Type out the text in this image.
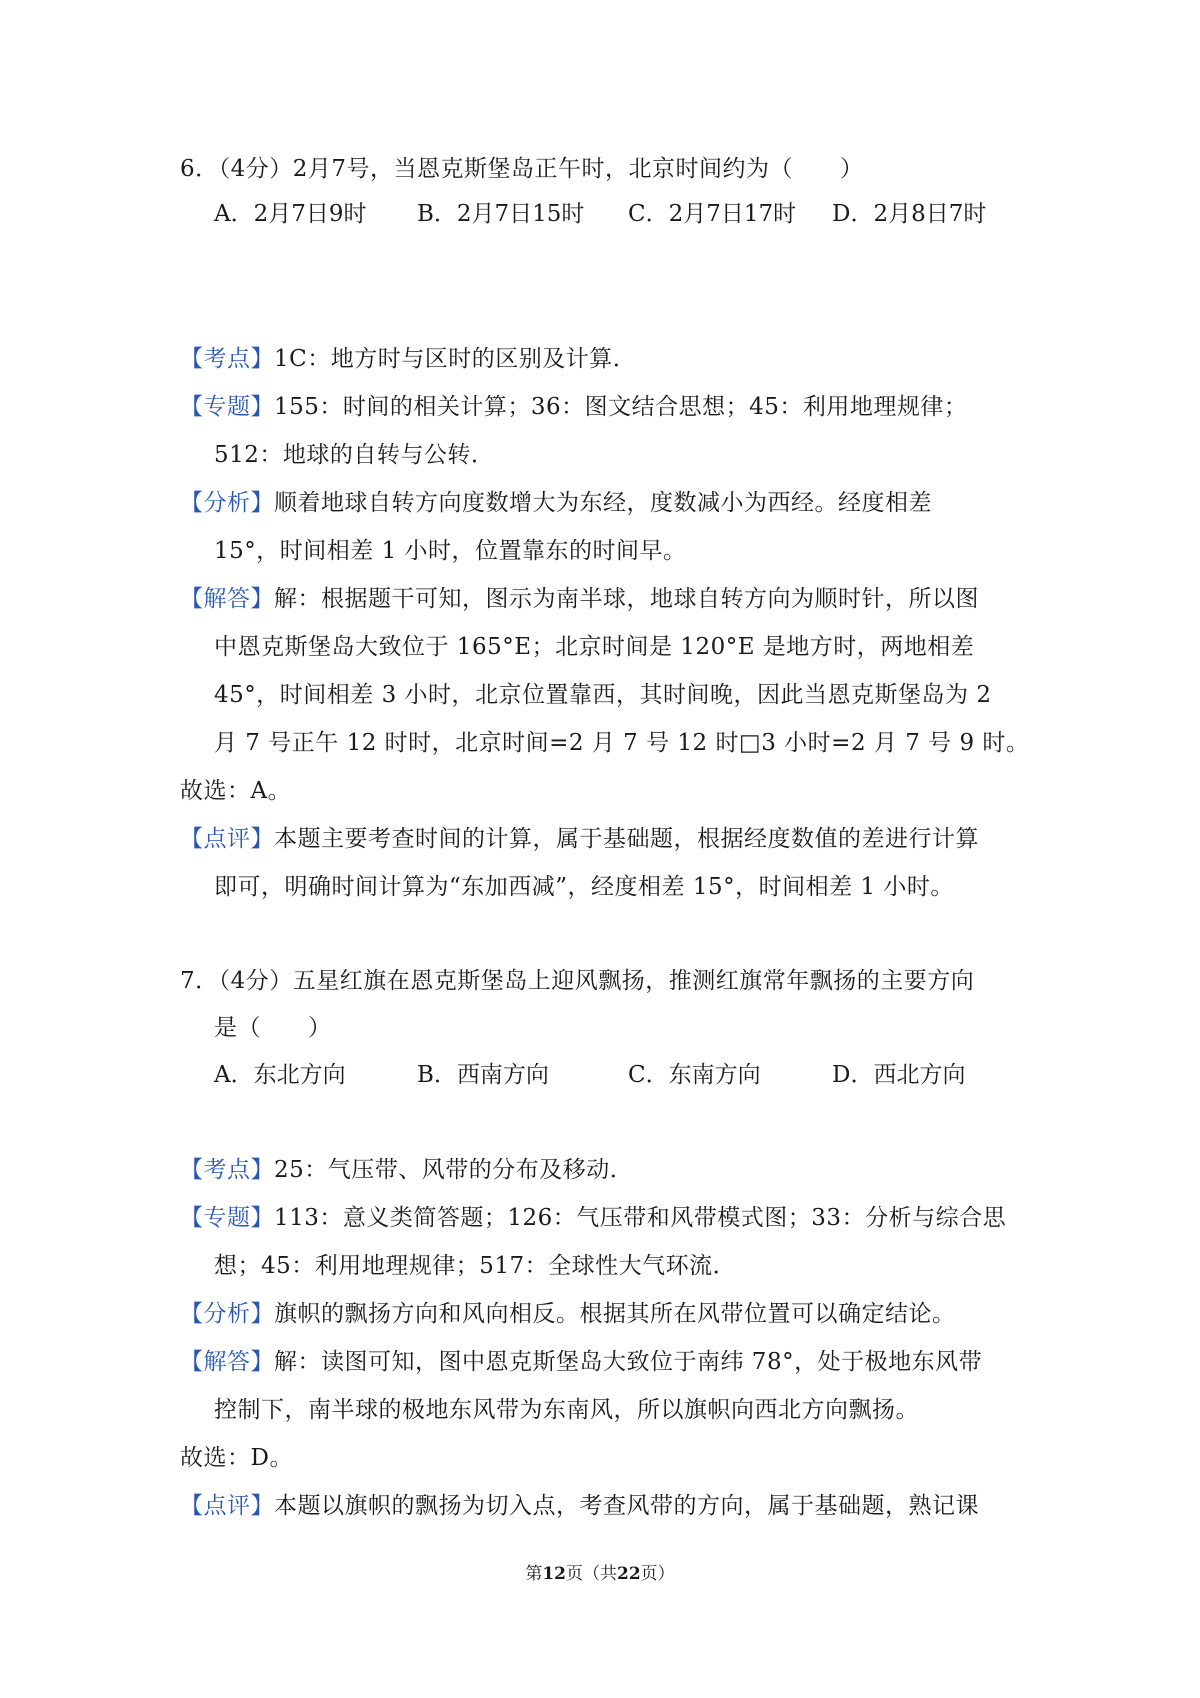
6．（4分）2月7号，当恩克斯堡岛正午时，北京时间约为（　　）
A．2月7日9时 B．2月7日15时 C．2月7日17时 D．2月8日7时
【考点】1C：地方时与区时的区别及计算．
【专题】155：时间的相关计算；36：图文结合思想；45：利用地理规律；
512：地球的自转与公转．
【分析】顺着地球自转方向度数增大为东经，度数减小为西经。经度相差
15°，时间相差 1 小时，位置靠东的时间早。
【解答】解：根据题干可知，图示为南半球，地球自转方向为顺时针，所以图
中恩克斯堡岛大致位于 165°E；北京时间是 120°E 是地方时，两地相差
45°，时间相差 3 小时，北京位置靠西，其时间晚，因此当恩克斯堡岛为 2
月 7 号正午 12 时时，北京时间=2 月 7 号 12 时□3 小时=2 月 7 号 9 时。
故选：A。
【点评】本题主要考查时间的计算，属于基础题，根据经度数值的差进行计算
即可，明确时间计算为“东加西减”，经度相差 15°，时间相差 1 小时。
7．（4分）五星红旗在恩克斯堡岛上迎风飘扬，推测红旗常年飘扬的主要方向
是（　　）
A．东北方向	B．西南方向	C．东南方向	D．西北方向
【考点】25：气压带、风带的分布及移动．
【专题】113：意义类简答题；126：气压带和风带模式图；33：分析与综合思
想；45：利用地理规律；517：全球性大气环流．
【分析】旗帜的飘扬方向和风向相反。根据其所在风带位置可以确定结论。
【解答】解：读图可知，图中恩克斯堡岛大致位于南纬 78°，处于极地东风带
控制下，南半球的极地东风带为东南风，所以旗帜向西北方向飘扬。
故选：D。
【点评】本题以旗帜的飘扬为切入点，考查风带的方向，属于基础题，熟记课
第12页（共22页）
